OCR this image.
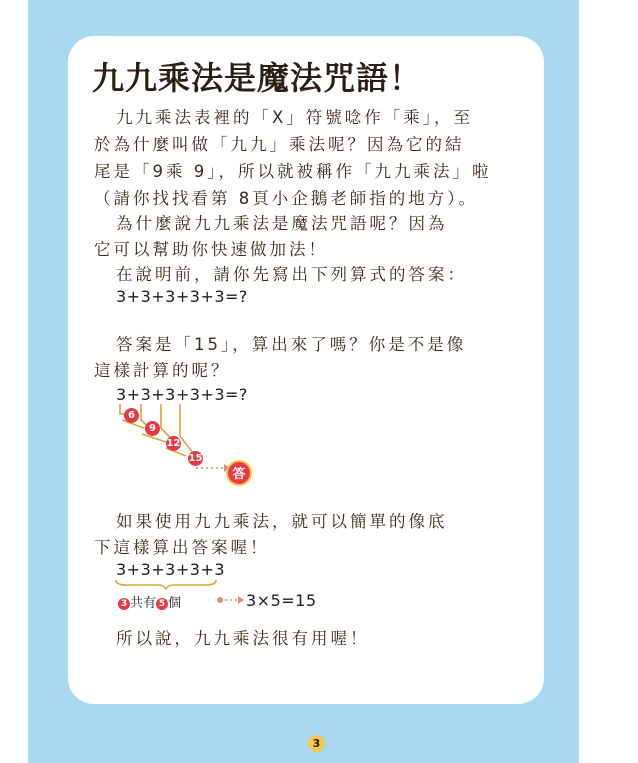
九九乘法是魔法咒語！
九九乘法表裡的「X」符號唸作「乘」，至
於為什麼叫做「九九」乘法呢？因為它的結
尾是「9乘 9」，所以就被稱作「九九乘法」啦
（請你找找看第 8頁小企鵝老師指的地方）。
為什麼說九九乘法是魔法咒語呢？因為
它可以幫助你快速做加法！
在說明前，請你先寫出下列算式的答案：
3+3+3+3+3=?
答案是「15」，算出來了嗎？你是不是像
這樣計算的呢？
3+3+3+3+3=?
6
9
12
15
答
如果使用九九乘法，就可以簡單的像底
下這樣算出答案喔！
3+3+3+3+3
3 共有 5 個	3×5=15
所以說，九九乘法很有用喔！
3
